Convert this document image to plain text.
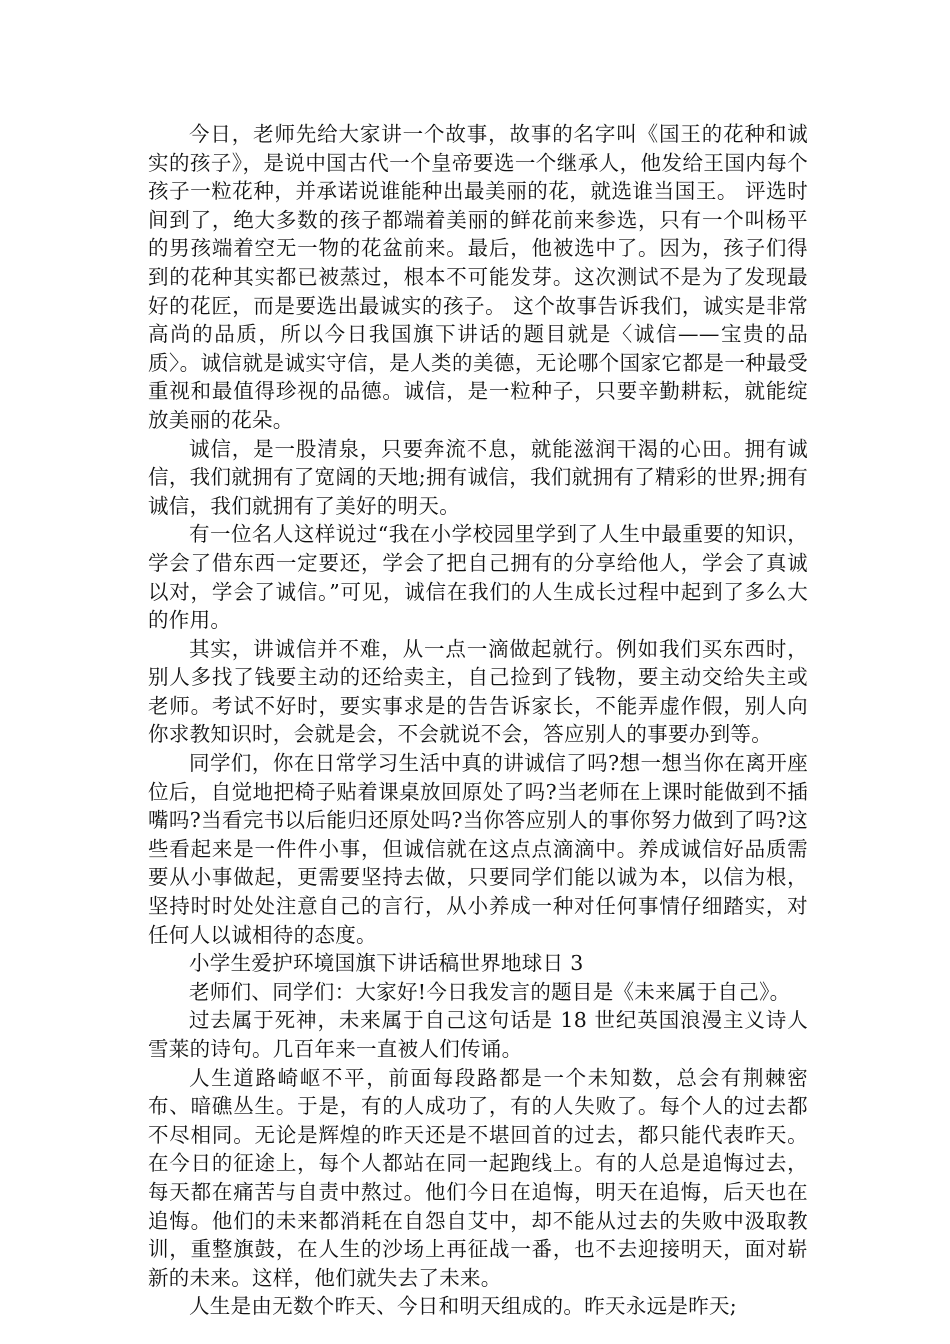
今日，老师先给大家讲一个故事，故事的名字叫《国王的花种和诚实的孩子》，是说中国古代一个皇帝要选一个继承人，他发给王国内每个孩子一粒花种，并承诺说谁能种出最美丽的花，就选谁当国王。 评选时间到了，绝大多数的孩子都端着美丽的鲜花前来参选，只有一个叫杨平的男孩端着空无一物的花盆前来。最后，他被选中了。因为，孩子们得到的花种其实都已被蒸过，根本不可能发芽。这次测试不是为了发现最好的花匠，而是要选出最诚实的孩子。 这个故事告诉我们，诚实是非常高尚的品质，所以今日我国旗下讲话的题目就是〈诚信——宝贵的品质〉。诚信就是诚实守信，是人类的美德，无论哪个国家它都是一种最受重视和最值得珍视的品德。诚信，是一粒种子，只要辛勤耕耘，就能绽放美丽的花朵。

诚信，是一股清泉，只要奔流不息，就能滋润干渴的心田。拥有诚信，我们就拥有了宽阔的天地;拥有诚信，我们就拥有了精彩的世界;拥有诚信，我们就拥有了美好的明天。

有一位名人这样说过“我在小学校园里学到了人生中最重要的知识，学会了借东西一定要还，学会了把自己拥有的分享给他人，学会了真诚以对，学会了诚信。”可见，诚信在我们的人生成长过程中起到了多么大的作用。

其实，讲诚信并不难，从一点一滴做起就行。例如我们买东西时，别人多找了钱要主动的还给卖主，自己捡到了钱物，要主动交给失主或老师。考试不好时，要实事求是的告告诉家长，不能弄虚作假，别人向你求教知识时，会就是会，不会就说不会，答应别人的事要办到等。

同学们，你在日常学习生活中真的讲诚信了吗?想一想当你在离开座位后，自觉地把椅子贴着课桌放回原处了吗?当老师在上课时能做到不插嘴吗?当看完书以后能归还原处吗?当你答应别人的事你努力做到了吗?这些看起来是一件件小事，但诚信就在这点点滴滴中。养成诚信好品质需要从小事做起，更需要坚持去做，只要同学们能以诚为本，以信为根，坚持时时处处注意自己的言行，从小养成一种对任何事情仔细踏实，对任何人以诚相待的态度。

小学生爱护环境国旗下讲话稿世界地球日 3

老师们、同学们：大家好!今日我发言的题目是《未来属于自己》。

过去属于死神，未来属于自己这句话是 18 世纪英国浪漫主义诗人雪莱的诗句。几百年来一直被人们传诵。

人生道路崎岖不平，前面每段路都是一个未知数，总会有荆棘密布、暗礁丛生。于是，有的人成功了，有的人失败了。每个人的过去都不尽相同。无论是辉煌的昨天还是不堪回首的过去，都只能代表昨天。在今日的征途上，每个人都站在同一起跑线上。有的人总是追悔过去，每天都在痛苦与自责中熬过。他们今日在追悔，明天在追悔，后天也在追悔。他们的未来都消耗在自怨自艾中，却不能从过去的失败中汲取教训，重整旗鼓，在人生的沙场上再征战一番，也不去迎接明天，面对崭新的未来。这样，他们就失去了未来。

人生是由无数个昨天、今日和明天组成的。昨天永远是昨天;
